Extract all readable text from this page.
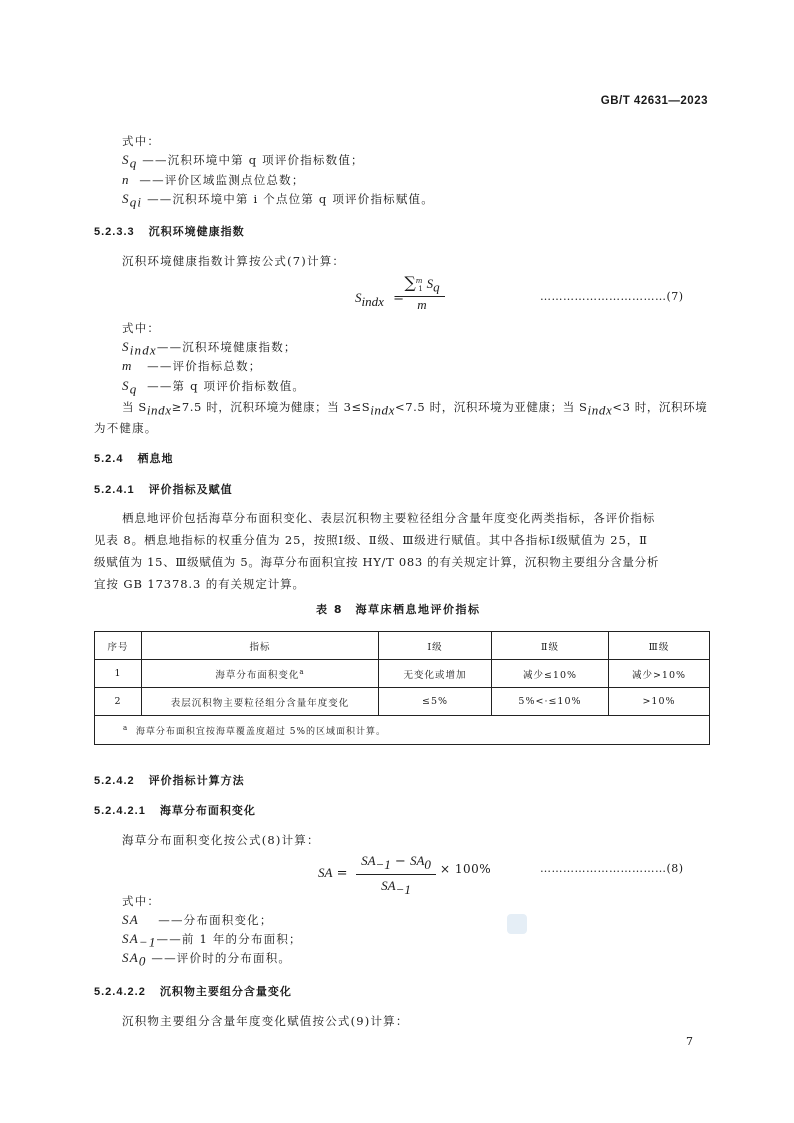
GB/T 42631—2023
式中：
$S_q$ ——沉积环境中第 q 项评价指标数值；
n ——评价区域监测点位总数；
$S_{qi}$ ——沉积环境中第 i 个点位第 q 项评价指标赋值。
5.2.3.3 沉积环境健康指数
沉积环境健康指数计算按公式(7)计算：
$S_{indx}$  =
$\frac{\sum^m_1 S_q}{m}$	……………………………(7)
式中：
$S_{indx}——$沉积环境健康指数；
m ——评价指标总数；
$S_q$ ——第 q 项评价指标数值。
当 $S_{indx}\ge 7.5$ 时，沉积环境为健康；当 $3\le S_{indx}<7.5$ 时，沉积环境为亚健康；当 $S_{indx}<3$ 时，沉积环境
为不健康。
5.2.4 栖息地
5.2.4.1 评价指标及赋值
栖息地评价包括海草分布面积变化、表层沉积物主要粒径组分含量年度变化两类指标，各评价指标
见表 8。栖息地指标的权重分值为 25，按照Ⅰ级、Ⅱ级、Ⅲ级进行赋值。其中各指标Ⅰ级赋值为 25，Ⅱ
级赋值为 15、Ⅲ级赋值为 5。海草分布面积宜按 HY/T 083 的有关规定计算，沉积物主要组分含量分析
宜按 GB 17378.3 的有关规定计算。
表 8　海草床栖息地评价指标
序号	指标	Ⅰ级	Ⅱ级	Ⅲ级
1	海草分布面积变化$^a$	无变化或增加	减少≤10%	减少>10%
2	表层沉积物主要粒径组分含量年度变化	≤5%	5%<·≤10%	>10%
$^a$ 海草分布面积宜按海草覆盖度超过 5%的区域面积计算。				
5.2.4.2 评价指标计算方法
5.2.4.2.1 海草分布面积变化
海草分布面积变化按公式(8)计算：
SA = $\frac{SA_{-1} - SA_0}{SA_{-1}} \times 100\%$	……………………………(8)
式中：
SA ——分布面积变化；
$SA_{-1}——$前 1 年的分布面积；
$SA_0$ ——评价时的分布面积。
5.2.4.2.2 沉积物主要组分含量变化
沉积物主要组分含量年度变化赋值按公式(9)计算：
7
